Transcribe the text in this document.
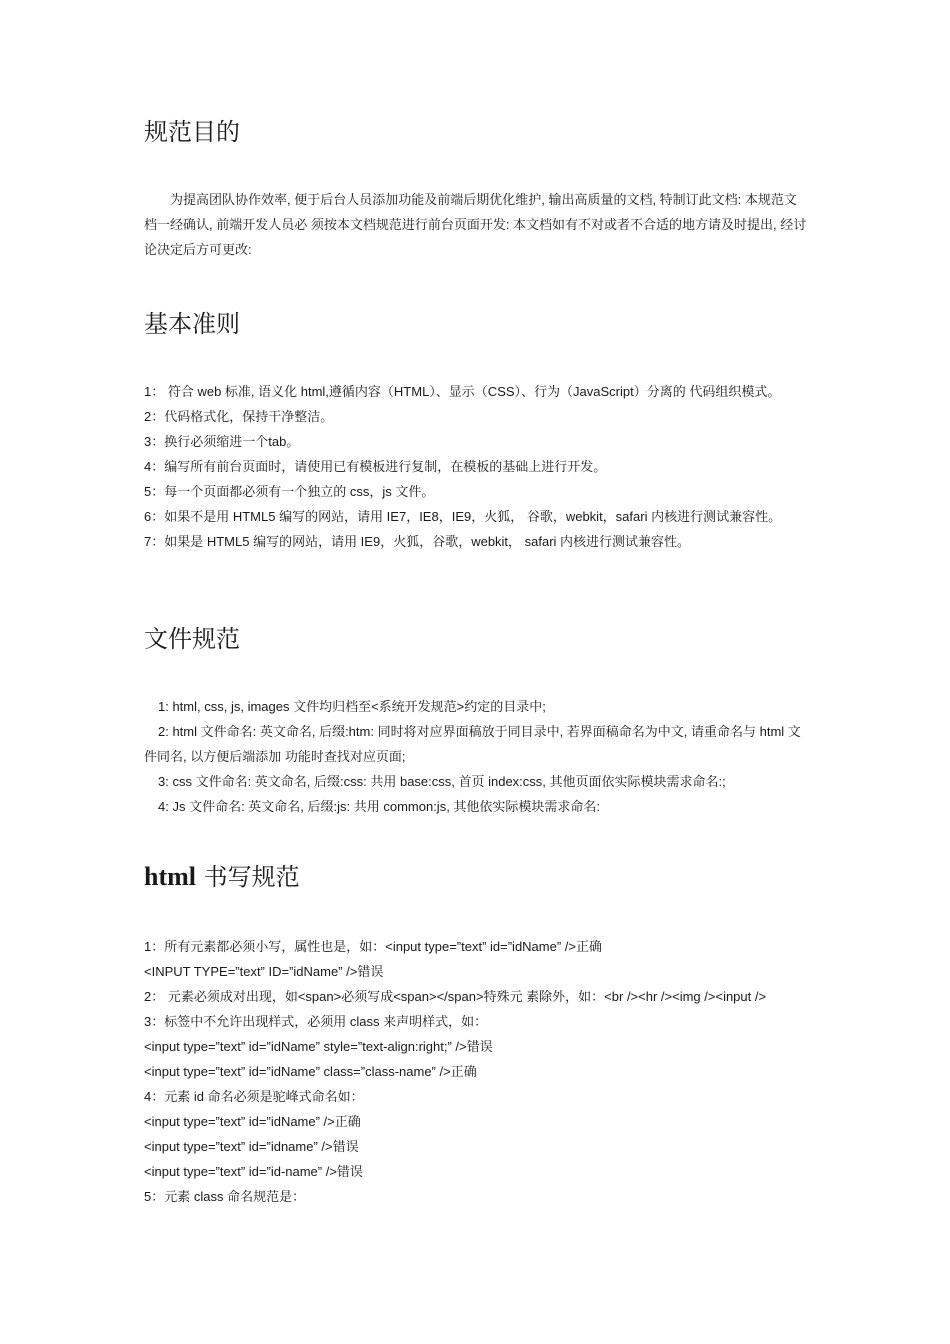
规范目的

为提高团队协作效率, 便于后台人员添加功能及前端后期优化维护, 输出高质量的文档, 特制订此文档: 本规范文档一经确认, 前端开发人员必 须按本文档规范进行前台页面开发: 本文档如有不对或者不合适的地方请及时提出, 经讨论决定后方可更改:

基本准则
1： 符合 web 标准, 语义化 html,遵循内容（HTML）、显示（CSS）、行为（JavaScript）分离的 代码组织模式。
2：代码格式化，保持干净整洁。
3：换行必须缩进一个tab。
4：编写所有前台页面时，请使用已有模板进行复制，在模板的基础上进行开发。
5：每一个页面都必须有一个独立的 css，js 文件。
6：如果不是用 HTML5 编写的网站，请用 IE7，IE8，IE9，火狐， 谷歌，webkit，safari 内核进行测试兼容性。
7：如果是 HTML5 编写的网站，请用 IE9，火狐，谷歌，webkit， safari 内核进行测试兼容性。
文件规范
1: html, css, js, images 文件均归档至<系统开发规范>约定的目录中;
2: html 文件命名: 英文命名, 后缀:htm: 同时将对应界面稿放于同目录中, 若界面稿命名为中文, 请重命名与 html 文件同名, 以方便后端添加 功能时查找对应页面;
3: css 文件命名: 英文命名, 后缀:css: 共用 base:css, 首页 index:css, 其他页面依实际模块需求命名:;
4: Js 文件命名: 英文命名, 后缀:js: 共用 common:js, 其他依实际模块需求命名:
html 书写规范
1：所有元素都必须小写，属性也是，如：<input type=”text” id=”idName” />正确
<INPUT TYPE=”text” ID=”idName” />错误
2： 元素必须成对出现，如<span>必须写成<span></span>特殊元 素除外，如：<br /><hr /><img /><input />
3：标签中不允许出现样式，必须用 class 来声明样式，如：
<input type=”text” id=”idName” style=”text-align:right;” />错误
<input type=”text” id=”idName” class=”class-name” />正确
4：元素 id 命名必须是驼峰式命名如：
<input type=”text” id=”idName” />正确
<input type=”text” id=”idname” />错误
<input type=”text” id=”id-name” />错误
5：元素 class 命名规范是：
